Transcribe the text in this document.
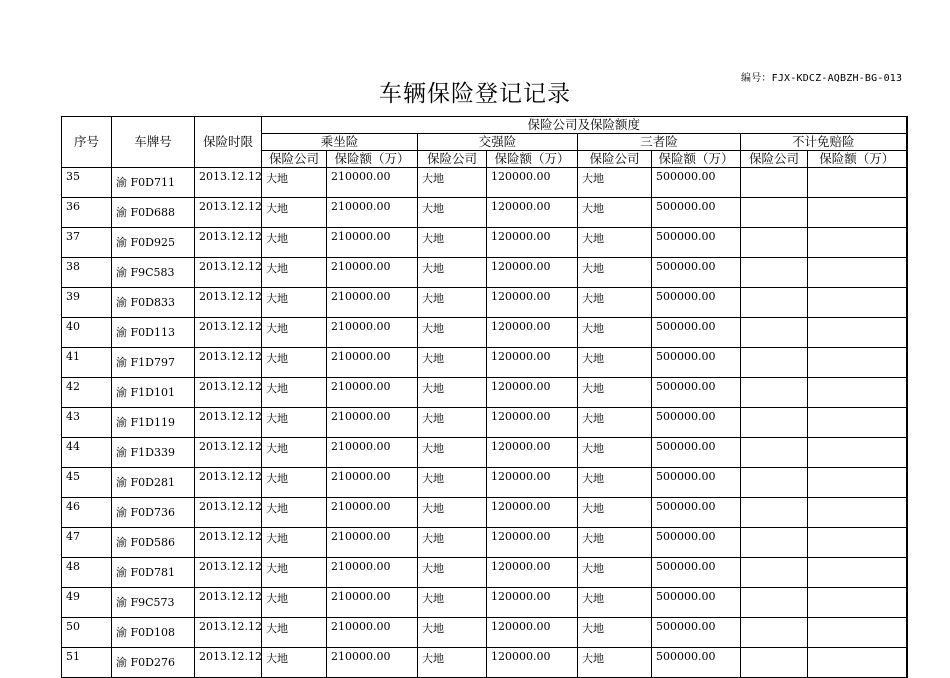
编号：FJX-KDCZ-AQBZH-BG-013
车辆保险登记记录
序号	车牌号	保险时限	保险公司及保险额度							
			乘坐险		交强险		三者险		不计免赔险	
			保险公司	保险额（万）	保险公司	保险额（万）	保险公司	保险额（万）	保险公司	保险额（万）
35	渝 F0D711	2013.12.12	大地	210000.00	大地	120000.00	大地	500000.00		
36	渝 F0D688	2013.12.12	大地	210000.00	大地	120000.00	大地	500000.00		
37	渝 F0D925	2013.12.12	大地	210000.00	大地	120000.00	大地	500000.00		
38	渝 F9C583	2013.12.12	大地	210000.00	大地	120000.00	大地	500000.00		
39	渝 F0D833	2013.12.12	大地	210000.00	大地	120000.00	大地	500000.00		
40	渝 F0D113	2013.12.12	大地	210000.00	大地	120000.00	大地	500000.00		
41	渝 F1D797	2013.12.12	大地	210000.00	大地	120000.00	大地	500000.00		
42	渝 F1D101	2013.12.12	大地	210000.00	大地	120000.00	大地	500000.00		
43	渝 F1D119	2013.12.12	大地	210000.00	大地	120000.00	大地	500000.00		
44	渝 F1D339	2013.12.12	大地	210000.00	大地	120000.00	大地	500000.00		
45	渝 F0D281	2013.12.12	大地	210000.00	大地	120000.00	大地	500000.00		
46	渝 F0D736	2013.12.12	大地	210000.00	大地	120000.00	大地	500000.00		
47	渝 F0D586	2013.12.12	大地	210000.00	大地	120000.00	大地	500000.00		
48	渝 F0D781	2013.12.12	大地	210000.00	大地	120000.00	大地	500000.00		
49	渝 F9C573	2013.12.12	大地	210000.00	大地	120000.00	大地	500000.00		
50	渝 F0D108	2013.12.12	大地	210000.00	大地	120000.00	大地	500000.00		
51	渝 F0D276	2013.12.12	大地	210000.00	大地	120000.00	大地	500000.00		
